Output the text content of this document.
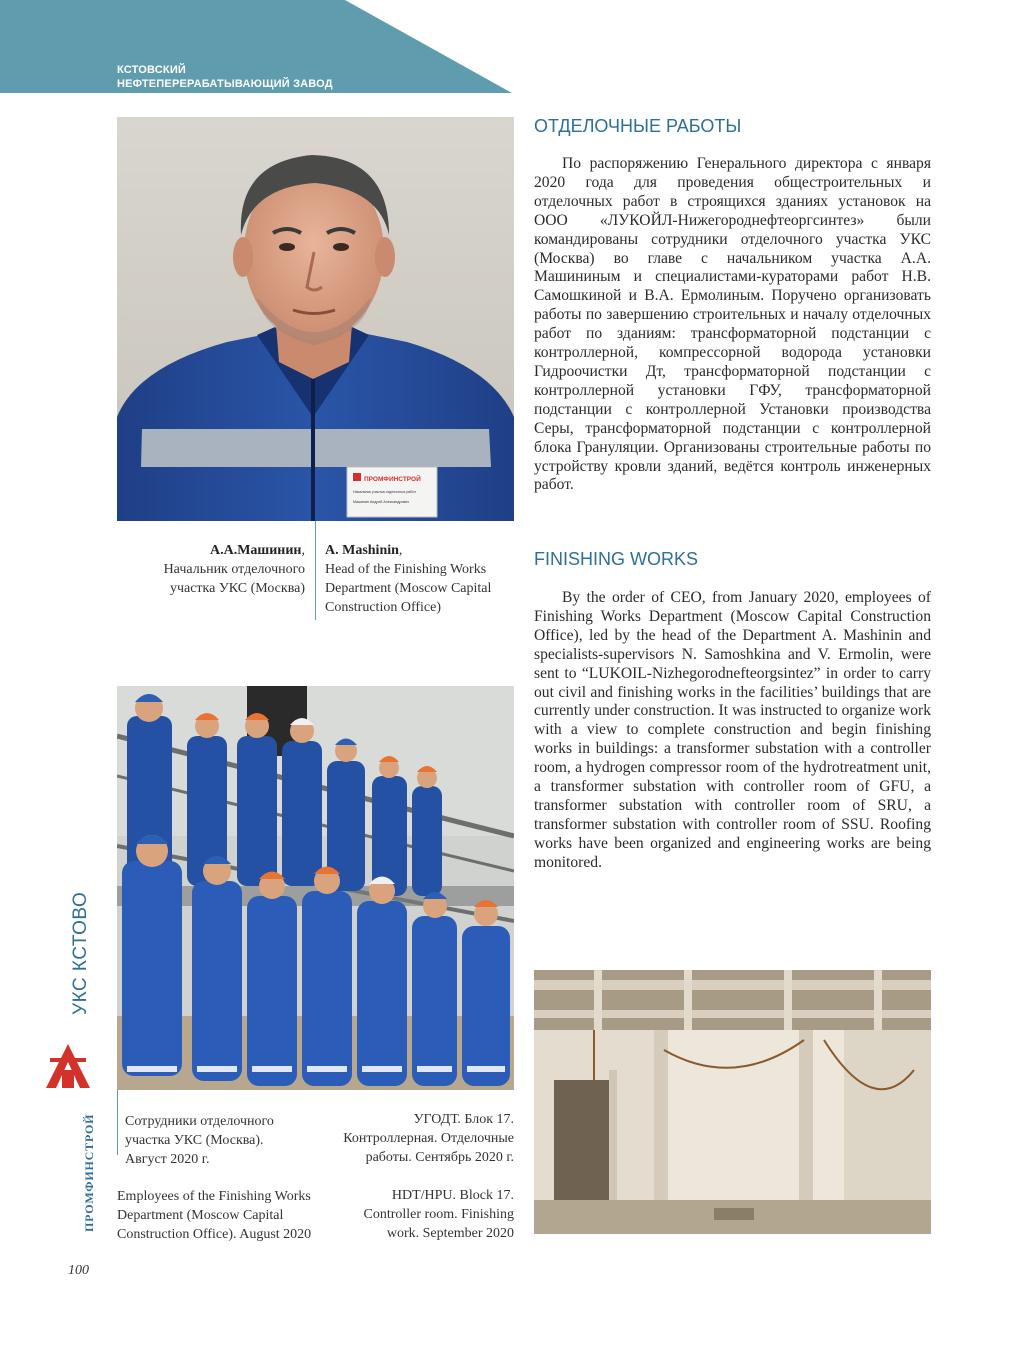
КСТОВСКИЙ
НЕФТЕПЕРЕРАБАТЫВАЮЩИЙ ЗАВОД
ПРОМФИНСТРОЙ
Начальник участка отделочных работ
Машинин Андрей Александрович
ОТДЕЛОЧНЫЕ РАБОТЫ

По распоряжению Генерального директора с января 2020 года для проведения общестроительных и отделочных работ в строящихся зданиях установок на ООО «ЛУКОЙЛ-Нижегороднефтеоргсинтез» были командированы сотрудники отделочного участка УКС (Москва) во главе с начальником участка А.А. Машининым и специалистами-кураторами работ Н.В. Самошкиной и В.А. Ермолиным. Поручено организовать работы по завершению строительных и началу отделочных работ по зданиям: трансформаторной подстанции с контроллерной, компрессорной водорода установки Гидроочистки Дт, трансформаторной подстанции с контроллерной установки ГФУ, трансформаторной подстанции с контроллерной Установки производства Серы, трансформаторной подстанции с контроллерной блока Грануляции. Организованы строительные работы по устройству кровли зданий, ведётся контроль инженерных работ.

А.А.Машинин,
Начальник отделочного участка УКС (Москва)
A. Mashinin,
Head of the Finishing Works Department (Moscow Capital Construction Office)
FINISHING WORKS

By the order of CEO, from January 2020, employees of Finishing Works Department (Moscow Capital Construction Office), led by the head of the Department A. Mashinin and specialists-supervisors N. Samoshkina and V. Ermolin, were sent to “LUKOIL-Nizhegorodnefteorgsintez” in order to carry out civil and finishing works in the facilities’ buildings that are currently under construction. It was instructed to organize work with a view to complete construction and begin finishing works in buildings: a transformer substation with a controller room, a hydrogen compressor room of the hydrotreatment unit, a transformer substation with controller room of GFU, a transformer substation with controller room of SRU, a transformer substation with controller room of SSU. Roofing works have been organized and engineering works are being monitored.

Сотрудники отделочного участка УКС (Москва). Август 2020 г.
Employees of the Finishing Works Department (Moscow Capital Construction Office). August 2020
УГОДТ. Блок 17. Контроллерная. Отделочные работы. Сентябрь 2020 г.
HDT/HPU. Block 17. Controller room. Finishing work. September 2020
УКС КСТОВО
ПРОМФИНСТРОЙ
100
